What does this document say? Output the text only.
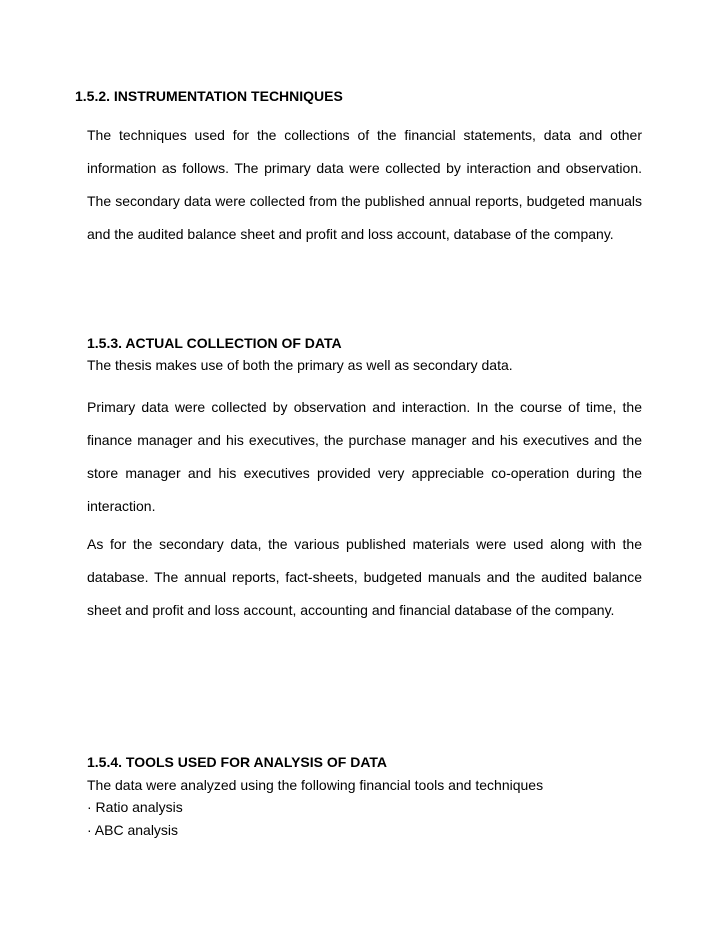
1.5.2. INSTRUMENTATION TECHNIQUES

The techniques used for the collections of the financial statements, data and other information as follows. The primary data were collected by interaction and observation. The secondary data were collected from the published annual reports, budgeted manuals and the audited balance sheet and profit and loss account, database of the company.

1.5.3. ACTUAL COLLECTION OF DATA
The thesis makes use of both the primary as well as secondary data.

Primary data were collected by observation and interaction. In the course of time, the finance manager and his executives, the purchase manager and his executives and the store manager and his executives provided very appreciable co-operation during the interaction.

As for the secondary data, the various published materials were used along with the database. The annual reports, fact-sheets, budgeted manuals and the audited balance sheet and profit and loss account, accounting and financial database of the company.

1.5.4. TOOLS USED FOR ANALYSIS OF DATA
The data were analyzed using the following financial tools and techniques
· Ratio analysis
· ABC analysis
